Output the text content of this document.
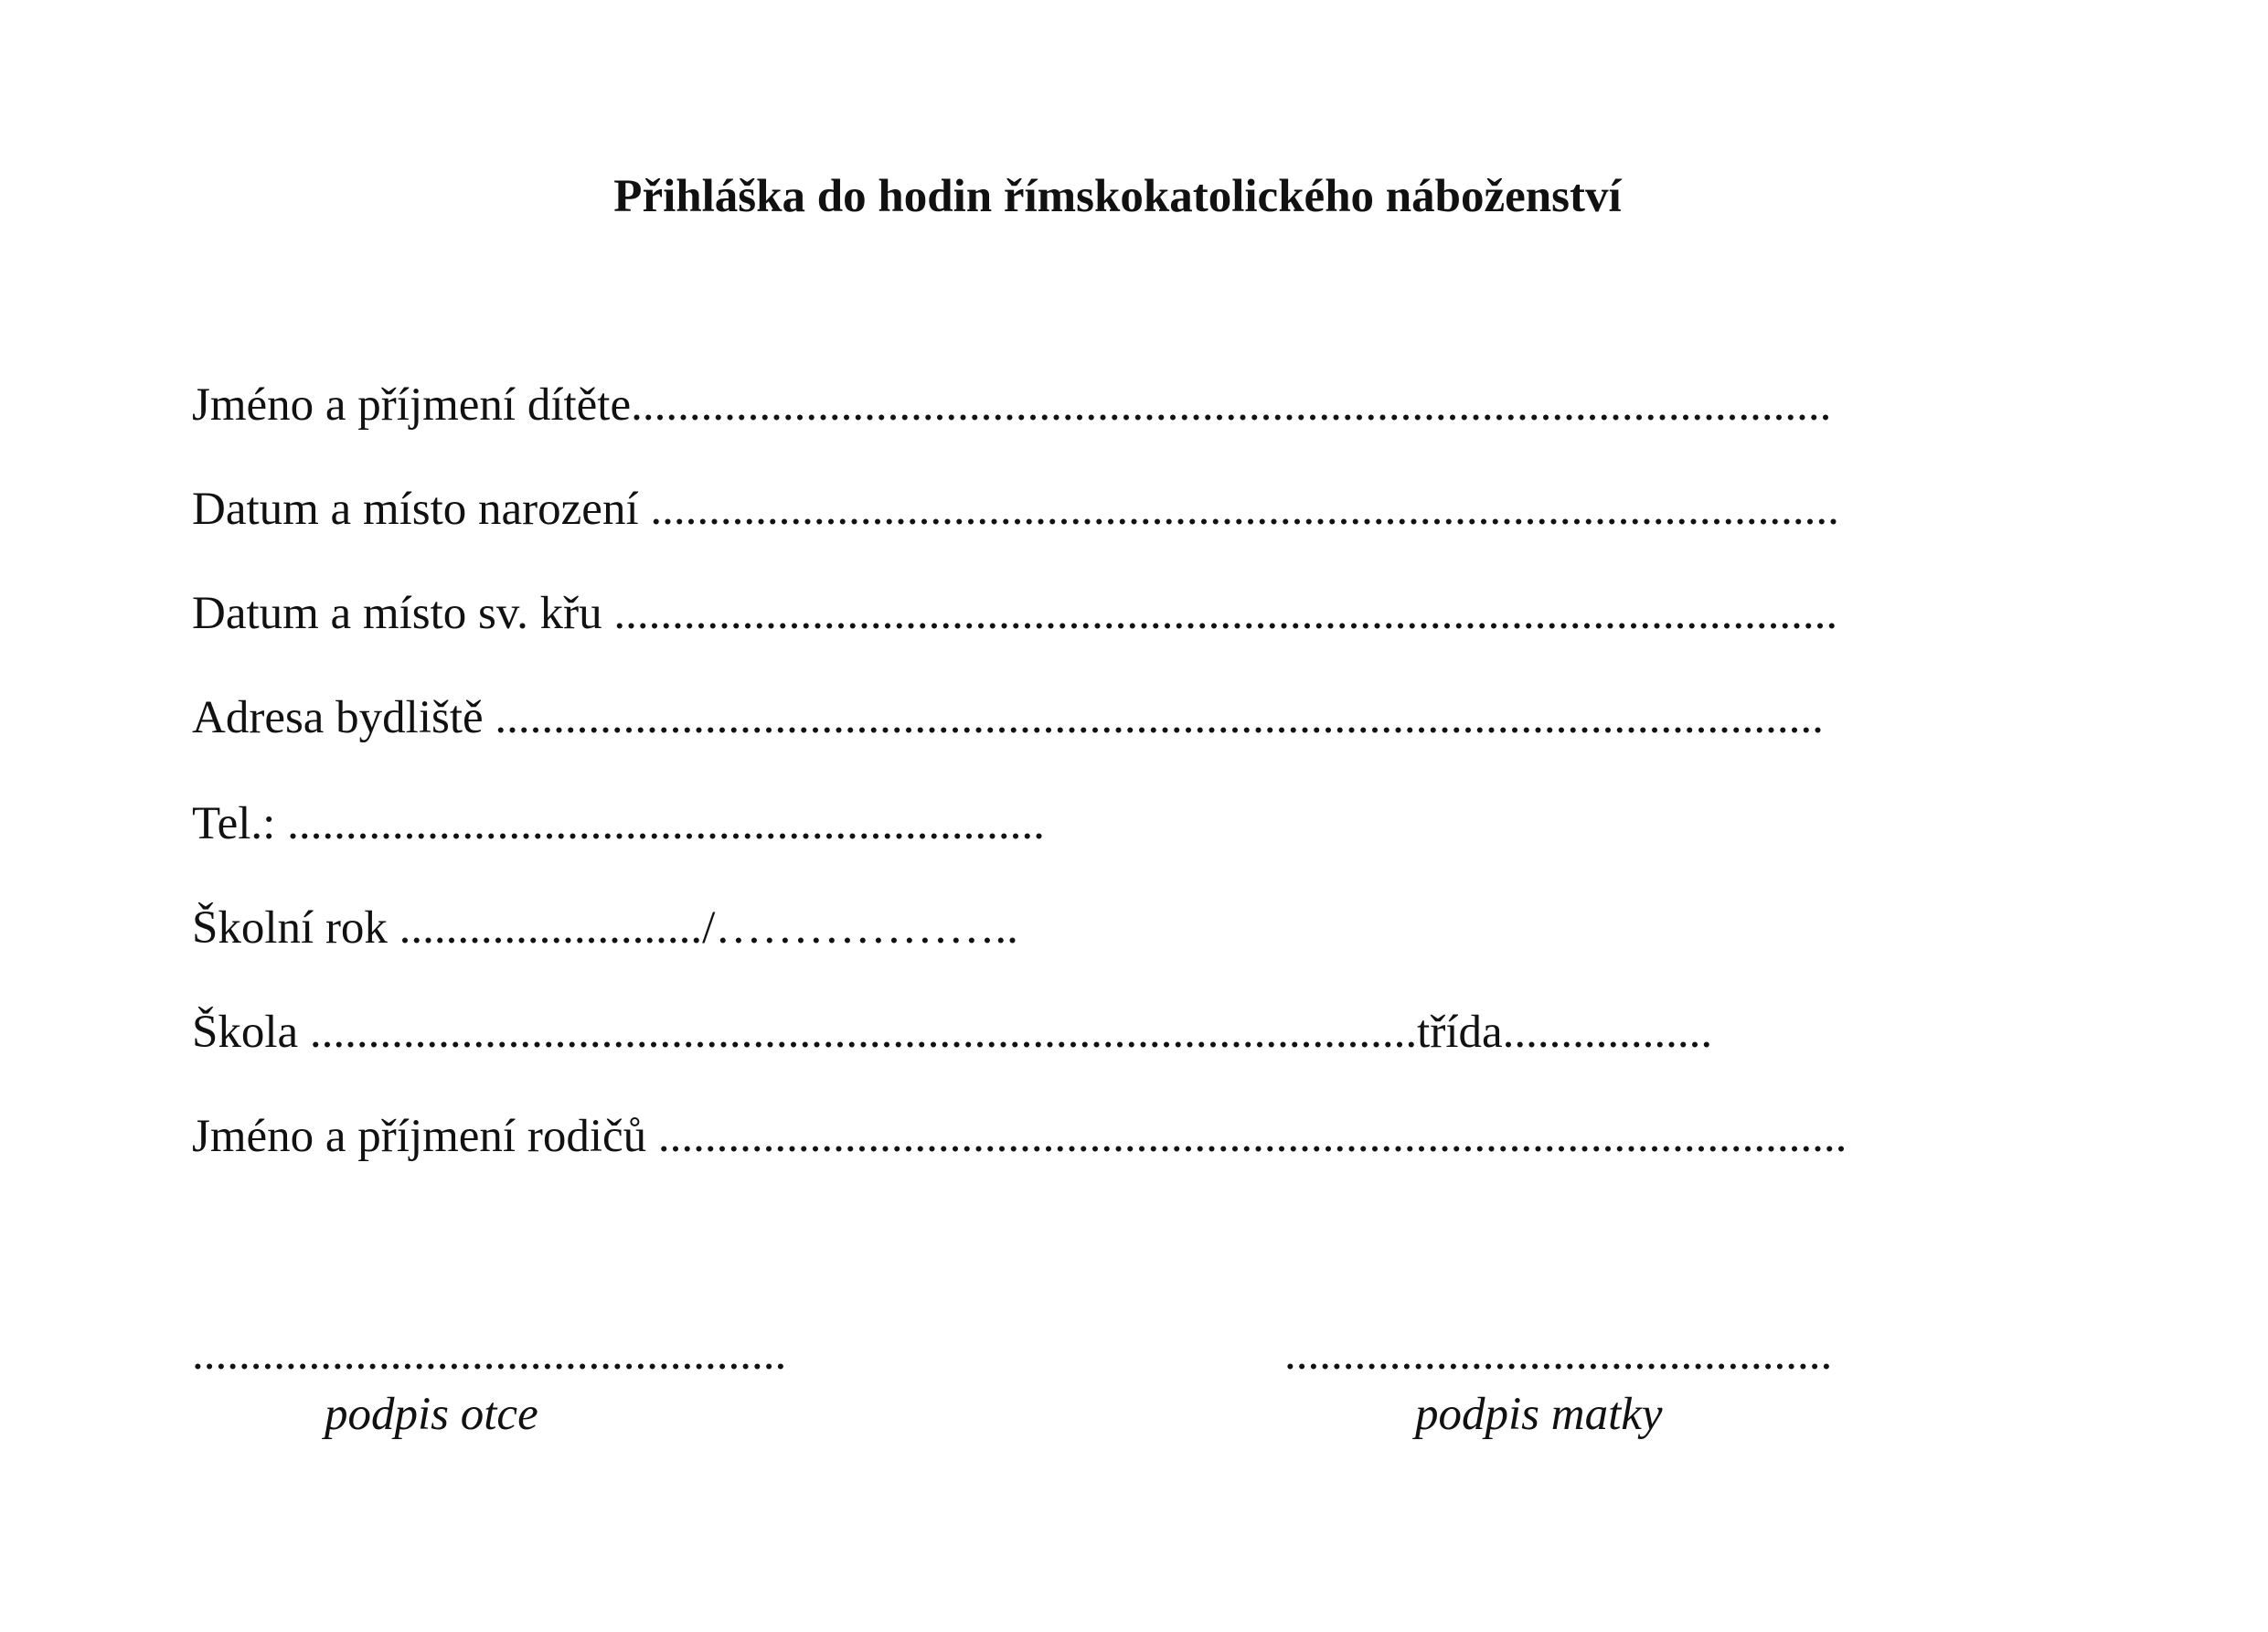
Přihláška do hodin římskokatolického náboženství
Jméno a příjmení dítěte.......................................................................................................
Datum a místo narození ......................................................................................................
Datum a místo sv. křu .........................................................................................................
Adresa bydliště ..................................................................................................................
Tel.: .................................................................
Školní rok ........................../………………..
Škola ...............................................................................................třída..................
Jméno a příjmení rodičů ......................................................................................................
...................................................
podpis otce
...............................................
podpis matky
